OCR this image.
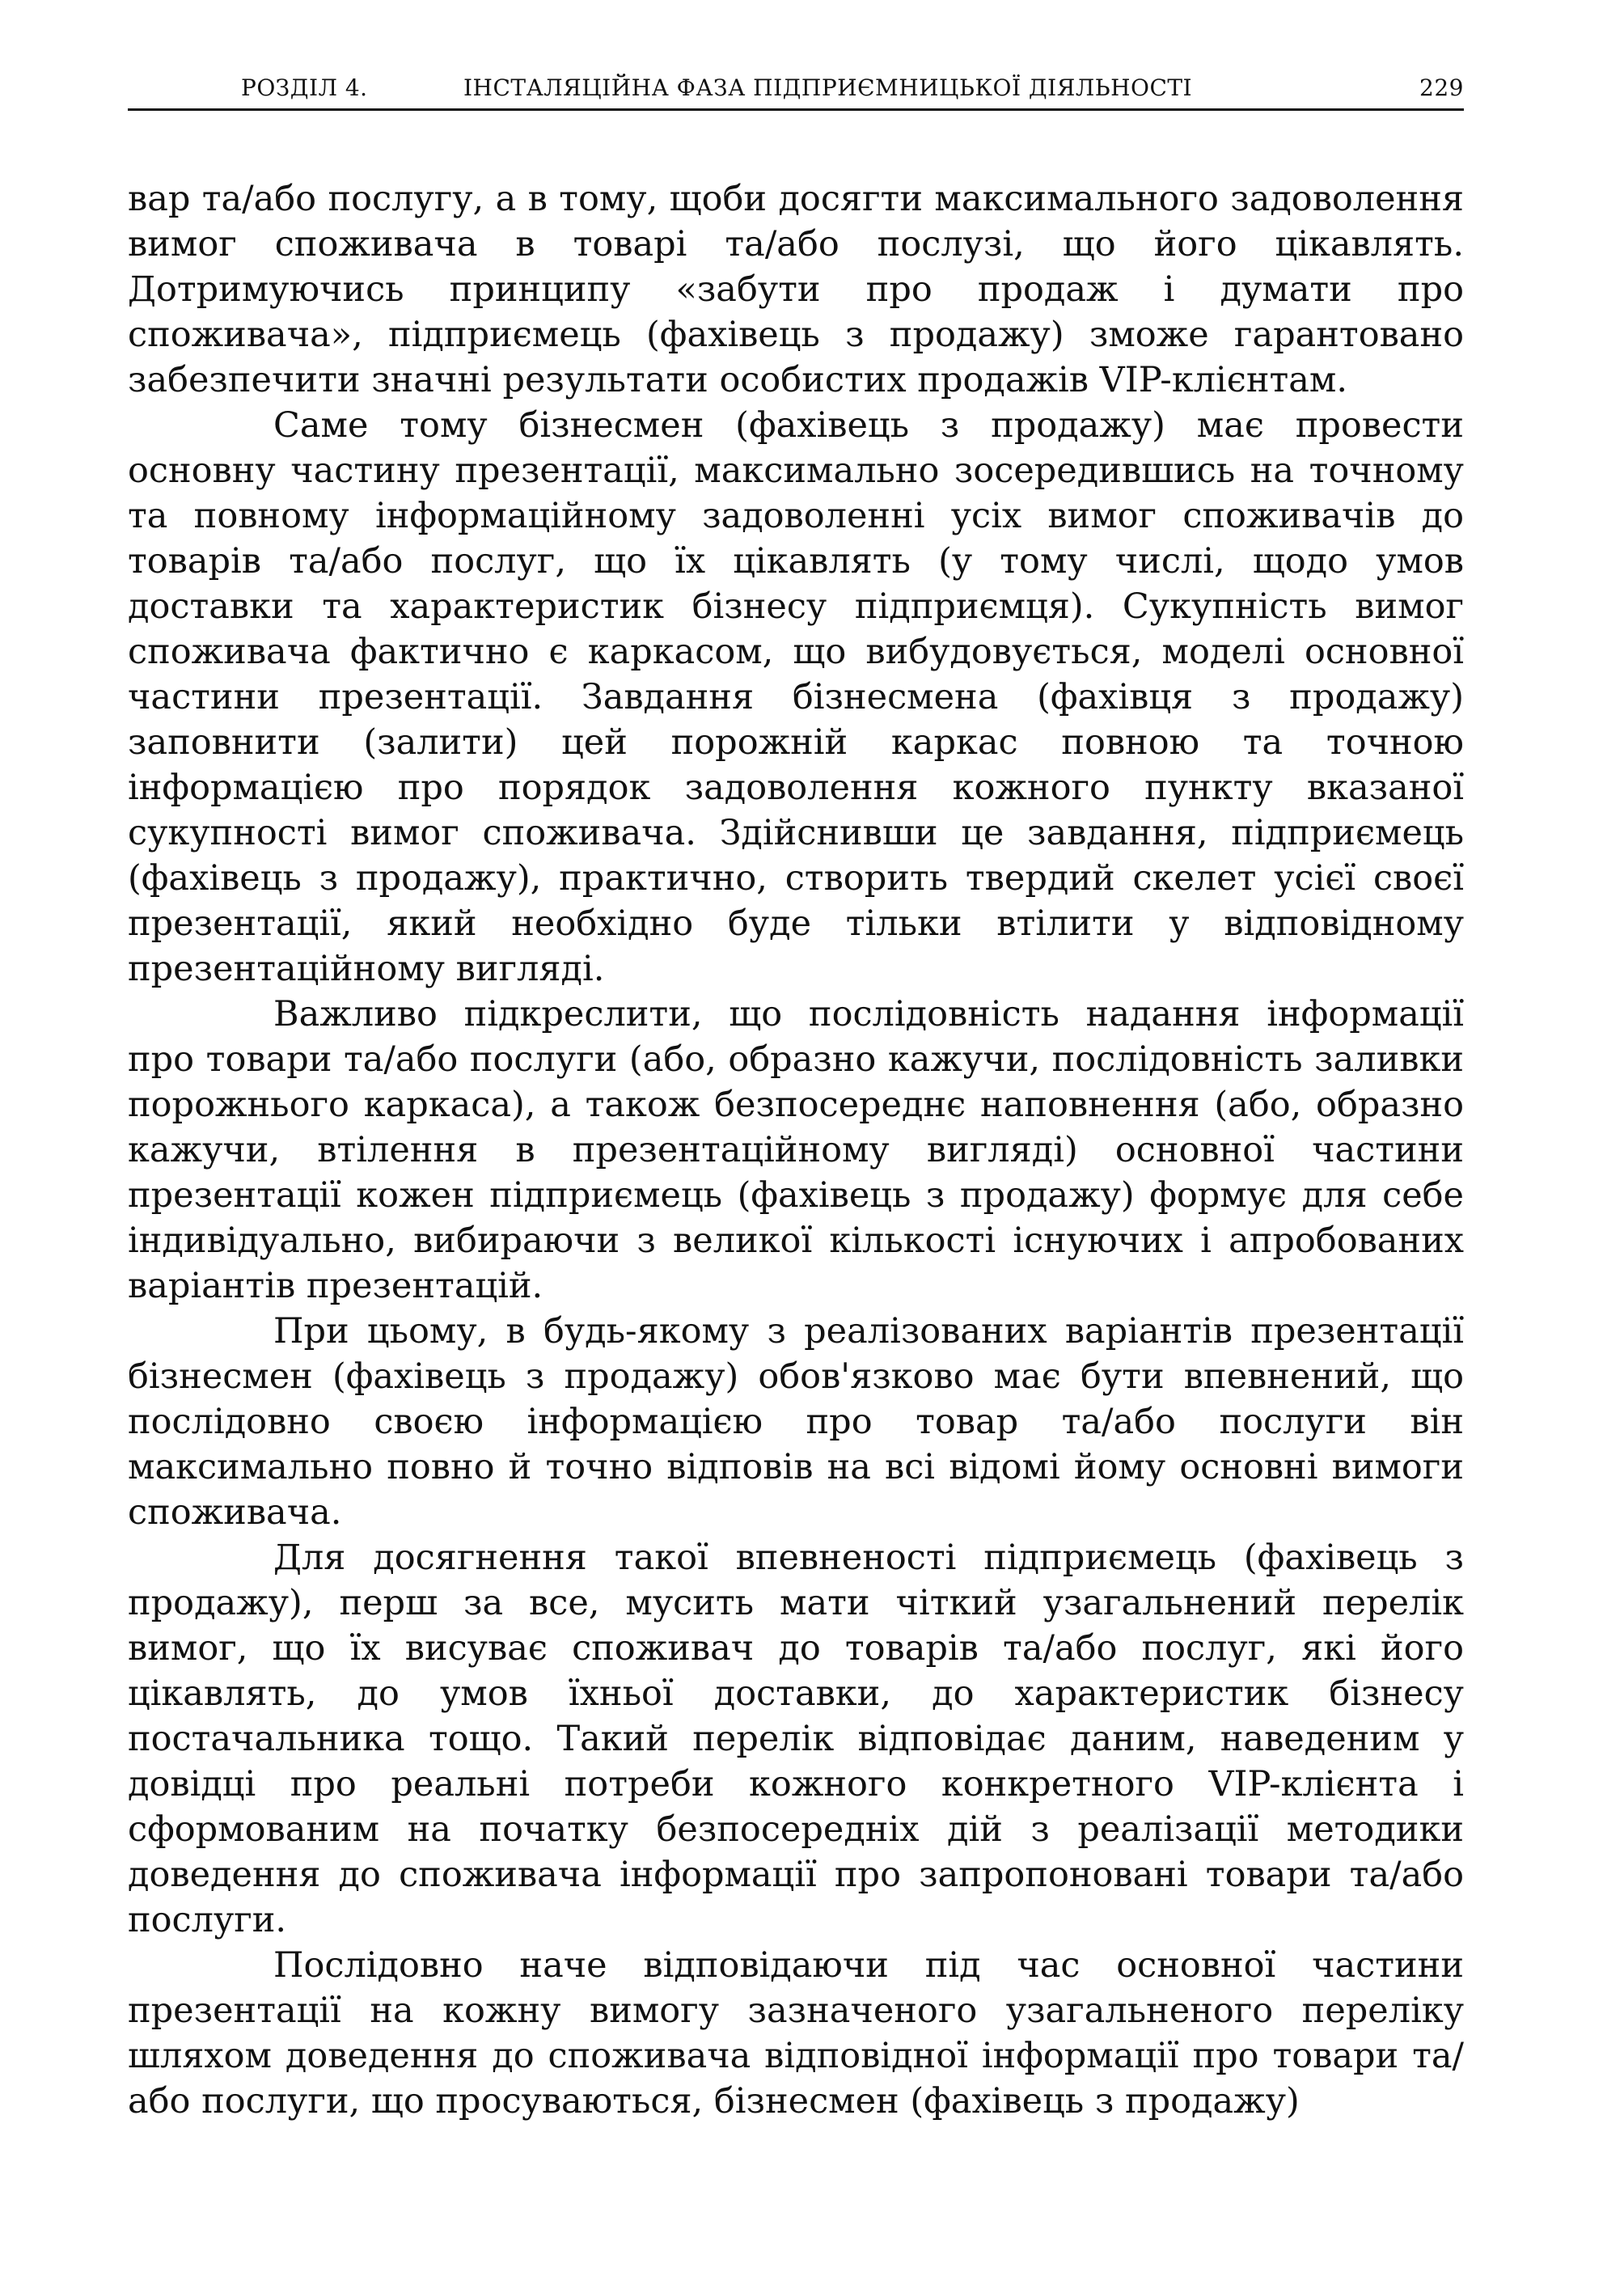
РОЗДІЛ 4.	ІНСТАЛЯЦІЙНА ФАЗА ПІДПРИЄМНИЦЬКОЇ ДІЯЛЬНОСТІ	229

вар та/або послугу, а в тому, щоби досягти максимального задоволення вимог споживача в товарі та/або послузі, що його цікавлять. Дотримуючись принципу «забути про продаж і думати про споживача», підприємець (фахівець з продажу) зможе гарантовано забезпечити значні результати особистих продажів VIP-клієнтам.

Саме тому бізнесмен (фахівець з продажу) має провести основну частину презентації, максимально зосередившись на точному та повному інформаційному задоволенні усіх вимог споживачів до товарів та/або послуг, що їх цікавлять (у тому числі, щодо умов доставки та характеристик бізнесу підприємця). Сукупність вимог споживача фактично є каркасом, що вибудовується, моделі основної частини презентації. Завдання бізнесмена (фахівця з продажу) заповнити (залити) цей порожній каркас повною та точною інформацією про порядок задоволення кожного пункту вказаної сукупності вимог споживача. Здійснивши це завдання, підприємець (фахівець з продажу), практично, створить твердий скелет усієї своєї презентації, який необхідно буде тільки втілити у відповідному презентаційному вигляді.

Важливо підкреслити, що послідовність надання інформації про товари та/або послуги (або, образно кажучи, послідовність заливки порожнього каркаса), а також безпосереднє наповнення (або, образно кажучи, втілення в презентаційному вигляді) основної частини презентації кожен підприємець (фахівець з продажу) формує для себе індивідуально, вибираючи з великої кількості існуючих і апробованих варіантів презентацій.

При цьому, в будь-якому з реалізованих варіантів презентації бізнесмен (фахівець з продажу) обов'язково має бути впевнений, що послідовно своєю інформацією про товар та/або послуги він максимально повно й точно відповів на всі відомі йому основні вимоги споживача.

Для досягнення такої впевненості підприємець (фахівець з продажу), перш за все, мусить мати чіткий узагальнений перелік вимог, що їх висуває споживач до товарів та/або послуг, які його цікавлять, до умов їхньої доставки, до характеристик бізнесу постачальника тощо. Такий перелік відповідає даним, наведеним у довідці про реальні потреби кожного конкретного VIP-клієнта і сформованим на початку безпосередніх дій з реалізації методики доведення до споживача інформації про запропоновані товари та/або послуги.

Послідовно наче відповідаючи під час основної частини презентації на кожну вимогу зазначеного узагальненого переліку шляхом доведення до споживача відповідної інформації про товари та/або послуги, що просуваються, бізнесмен (фахівець з продажу)
